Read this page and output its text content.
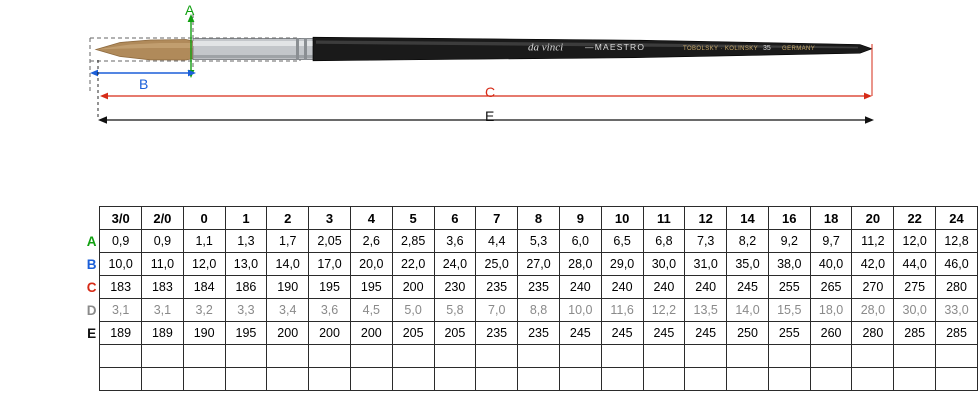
da vinci	—MAESTRO	TOBOLSKY · KOLINSKY 35 GERMANY
A
B	C
E
	3/0	2/0	0	1	2	3	4	5	6	7	8	9	10	11	12	14	16	18	20	22	24
A	0,9	0,9	1,1	1,3	1,7	2,05	2,6	2,85	3,6	4,4	5,3	6,0	6,5	6,8	7,3	8,2	9,2	9,7	11,2	12,0	12,8
B	10,0	11,0	12,0	13,0	14,0	17,0	20,0	22,0	24,0	25,0	27,0	28,0	29,0	30,0	31,0	35,0	38,0	40,0	42,0	44,0	46,0
C	183	183	184	186	190	195	195	200	230	235	235	240	240	240	240	245	255	265	270	275	280
D	3,1	3,1	3,2	3,3	3,4	3,6	4,5	5,0	5,8	7,0	8,8	10,0	11,6	12,2	13,5	14,0	15,5	18,0	28,0	30,0	33,0
E	189	189	190	195	200	200	200	205	205	235	235	245	245	245	245	250	255	260	280	285	285
